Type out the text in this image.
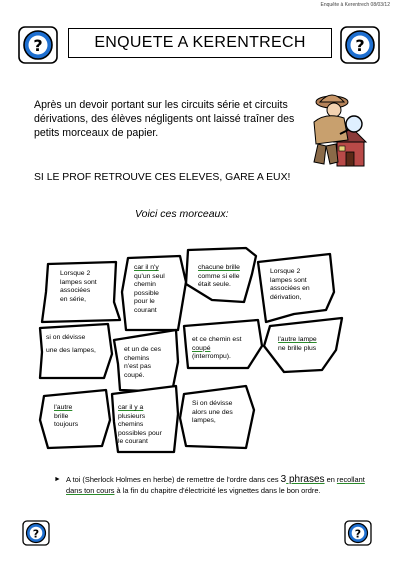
Enquête à Kerentrech 08/03/12
?	ENQUETE A KERENTRECH	?
Après un devoir portant sur les circuits série et circuits dérivations, des élèves négligents ont laissé traîner des petits morceaux de papier.
SI LE PROF RETROUVE CES ELEVES, GARE A EUX!
Voici ces morceaux:
Lorsque 2
lampes sont
associées
en série,
car il n'y
qu'un seul
chemin
possible
pour le
courant
chacune brille
comme si elle
était seule.
Lorsque 2
lampes sont
associées en
dérivation,
si on dévisse
une des lampes,	et un de ces
chemins
n'est pas
coupé.
et ce chemin est
coupé
(interrompu).
l'autre lampe
ne brille plus
l'autre
brille
toujours
car il y a
plusieurs
chemins
possibles pour
le courant
Si on dévisse
alors une des
lampes,
► A toi (Sherlock Holmes en herbe) de remettre de l'ordre dans ces 3 phrases en recollant dans ton cours à la fin du chapitre d'électricité les vignettes dans le bon ordre.
?	?
